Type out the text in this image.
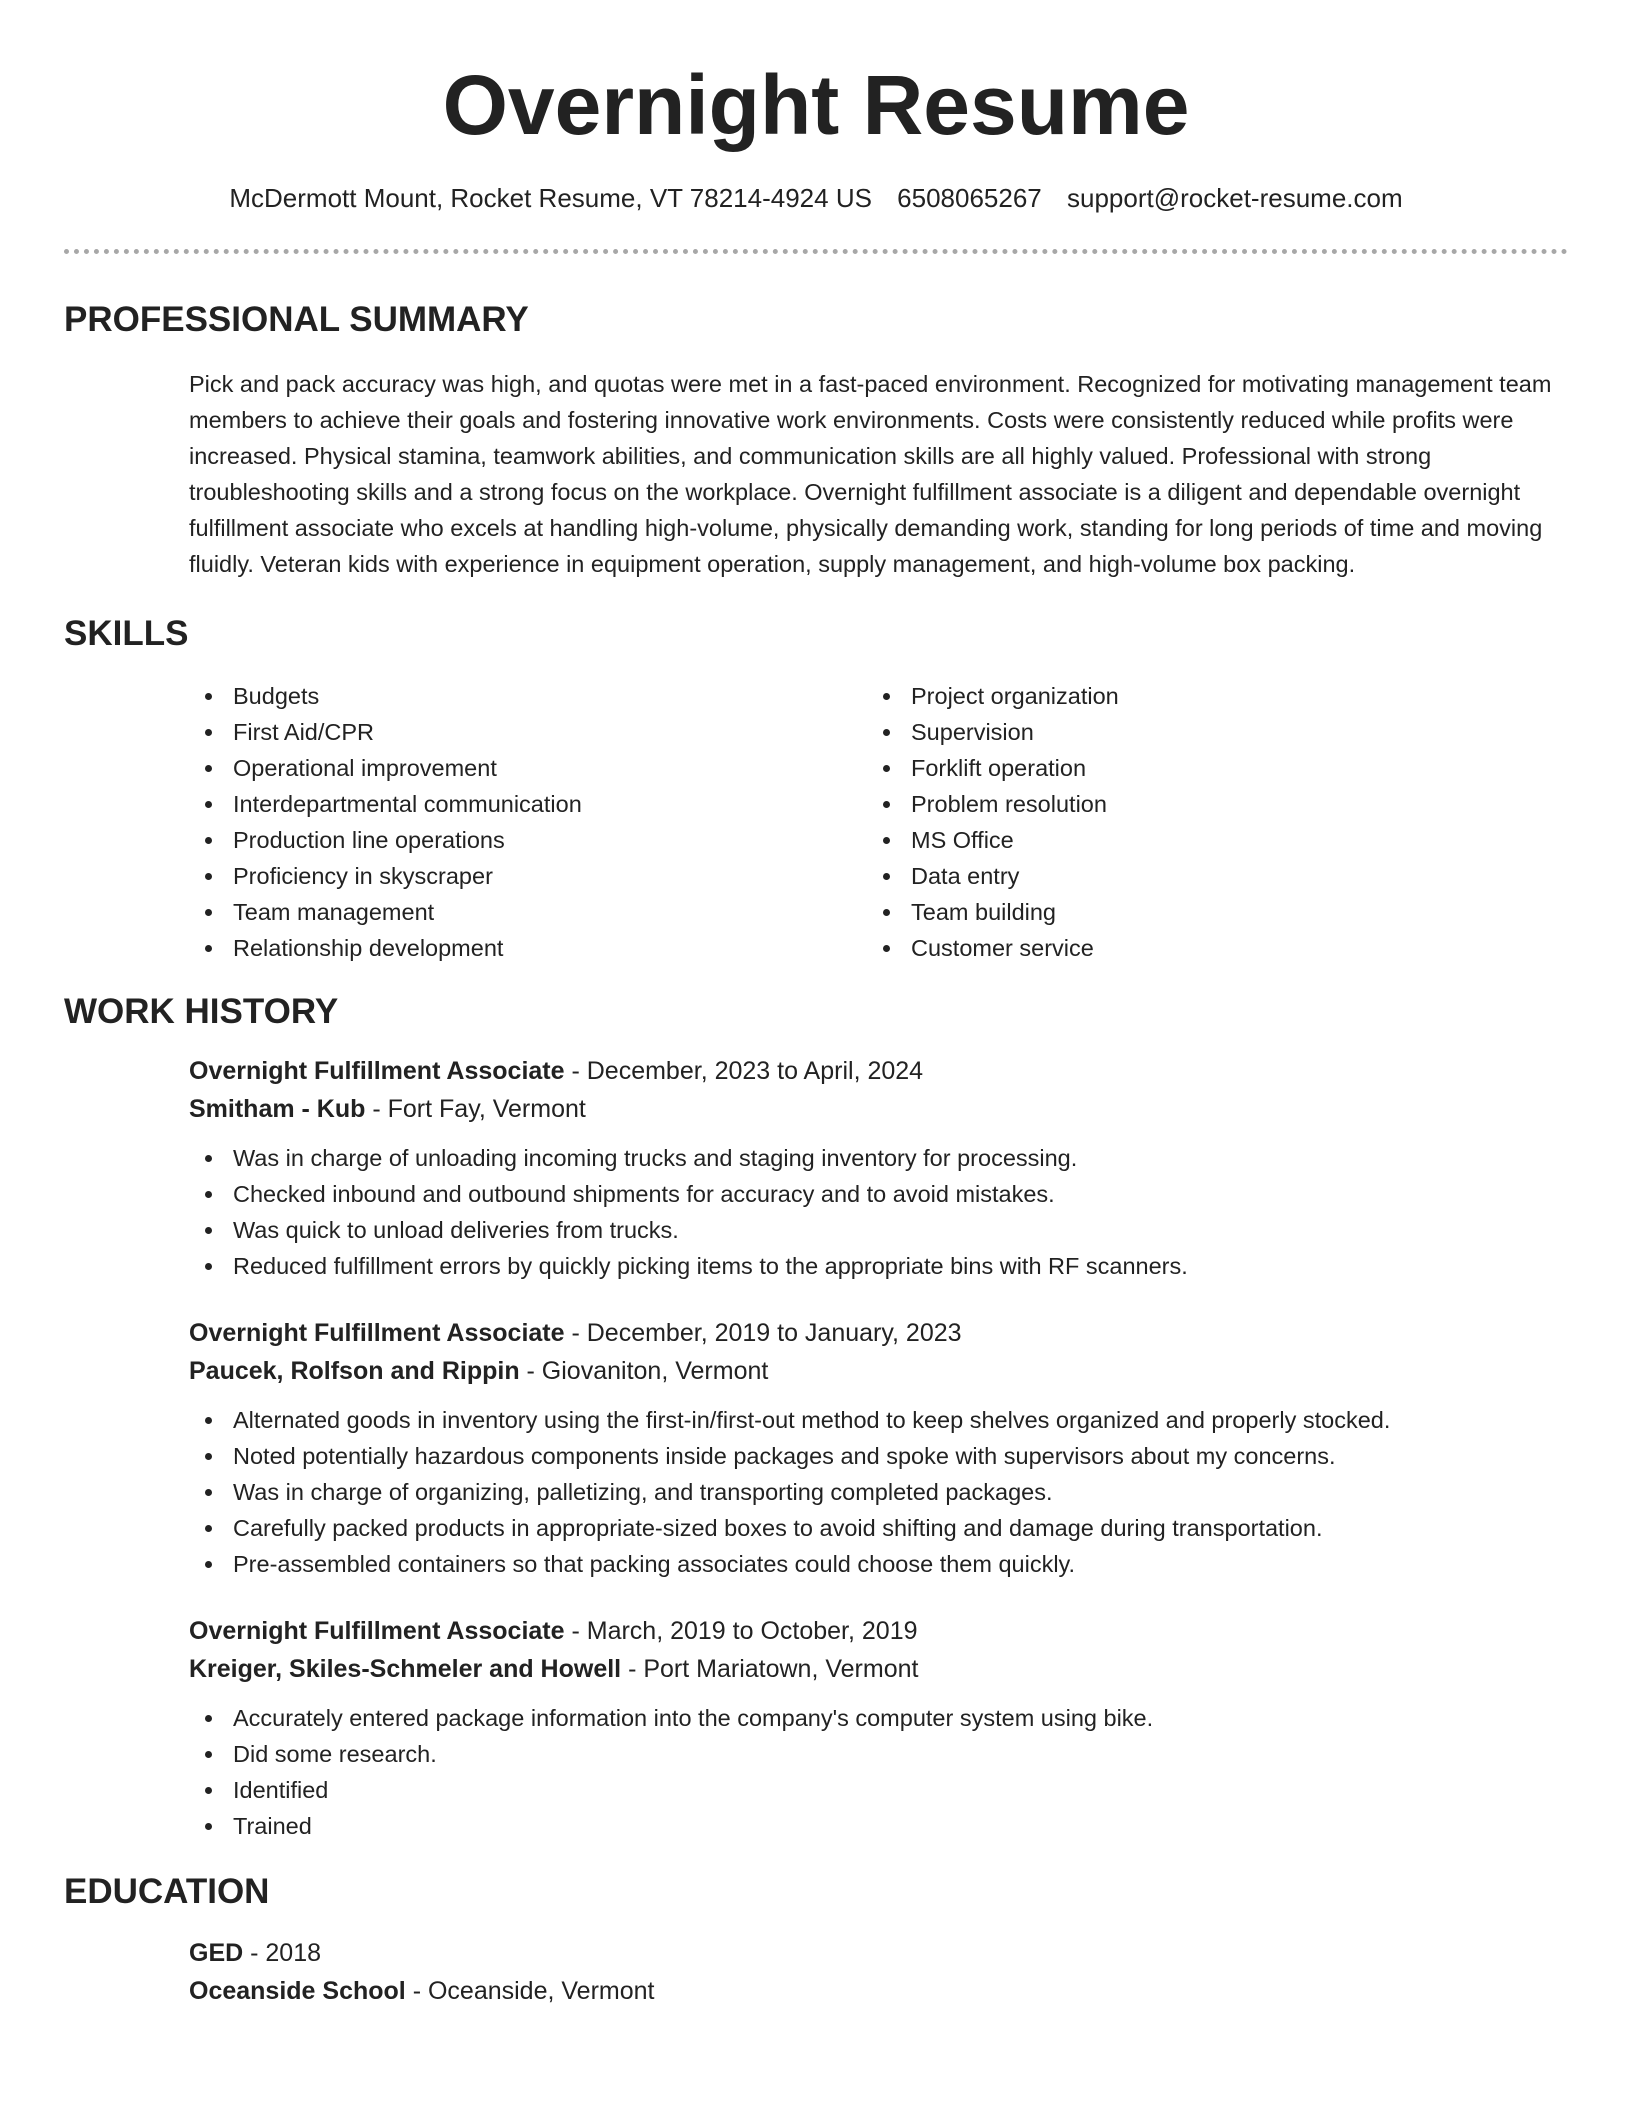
Overnight Resume
McDermott Mount, Rocket Resume, VT 78214-4924 US 6508065267 support@rocket-resume.com
PROFESSIONAL SUMMARY

Pick and pack accuracy was high, and quotas were met in a fast-paced environment. Recognized for motivating management team members to achieve their goals and fostering innovative work environments. Costs were consistently reduced while profits were increased. Physical stamina, teamwork abilities, and communication skills are all highly valued. Professional with strong troubleshooting skills and a strong focus on the workplace. Overnight fulfillment associate is a diligent and dependable overnight fulfillment associate who excels at handling high-volume, physically demanding work, standing for long periods of time and moving fluidly. Veteran kids with experience in equipment operation, supply management, and high-volume box packing.

SKILLS
Budgets
First Aid/CPR
Operational improvement
Interdepartmental communication
Production line operations
Proficiency in skyscraper
Team management
Relationship development
Project organization
Supervision
Forklift operation
Problem resolution
MS Office
Data entry
Team building
Customer service
WORK HISTORY
Overnight Fulfillment Associate - December, 2023 to April, 2024
Smitham - Kub - Fort Fay, Vermont
Was in charge of unloading incoming trucks and staging inventory for processing.
Checked inbound and outbound shipments for accuracy and to avoid mistakes.
Was quick to unload deliveries from trucks.
Reduced fulfillment errors by quickly picking items to the appropriate bins with RF scanners.
Overnight Fulfillment Associate - December, 2019 to January, 2023
Paucek, Rolfson and Rippin - Giovaniton, Vermont
Alternated goods in inventory using the first-in/first-out method to keep shelves organized and properly stocked.
Noted potentially hazardous components inside packages and spoke with supervisors about my concerns.
Was in charge of organizing, palletizing, and transporting completed packages.
Carefully packed products in appropriate-sized boxes to avoid shifting and damage during transportation.
Pre-assembled containers so that packing associates could choose them quickly.
Overnight Fulfillment Associate - March, 2019 to October, 2019
Kreiger, Skiles-Schmeler and Howell - Port Mariatown, Vermont
Accurately entered package information into the company's computer system using bike.
Did some research.
Identified
Trained
EDUCATION
GED - 2018
Oceanside School - Oceanside, Vermont
